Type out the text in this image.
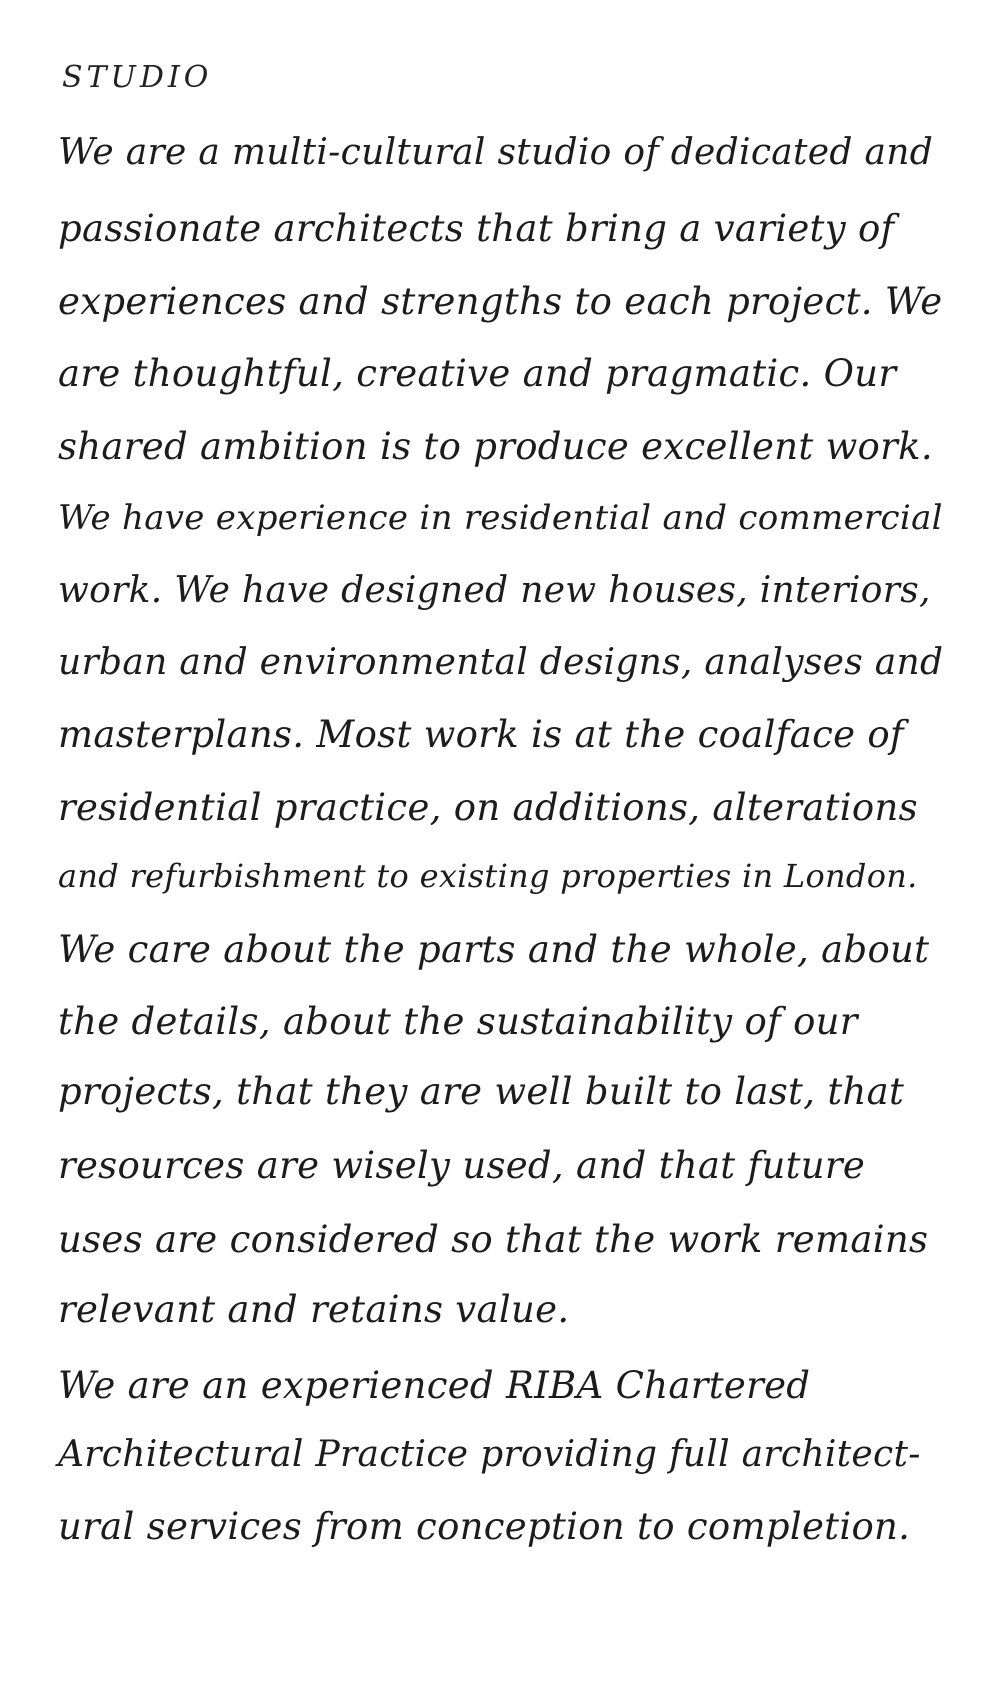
STUDIO
We are a multi-cultural studio of dedicated and
passionate architects that bring a variety of
experiences and strengths to each project. We
are thoughtful, creative and pragmatic. Our
shared ambition is to produce excellent work.
We have experience in residential and commercial
work. We have designed new houses, interiors,
urban and environmental designs, analyses and
masterplans. Most work is at the coalface of
residential practice, on additions, alterations
and refurbishment to existing properties in London.
We care about the parts and the whole, about
the details, about the sustainability of our
projects, that they are well built to last, that
resources are wisely used, and that future
uses are considered so that the work remains
relevant and retains value.
We are an experienced RIBA Chartered
Architectural Practice providing full architect-
ural services from conception to completion.
